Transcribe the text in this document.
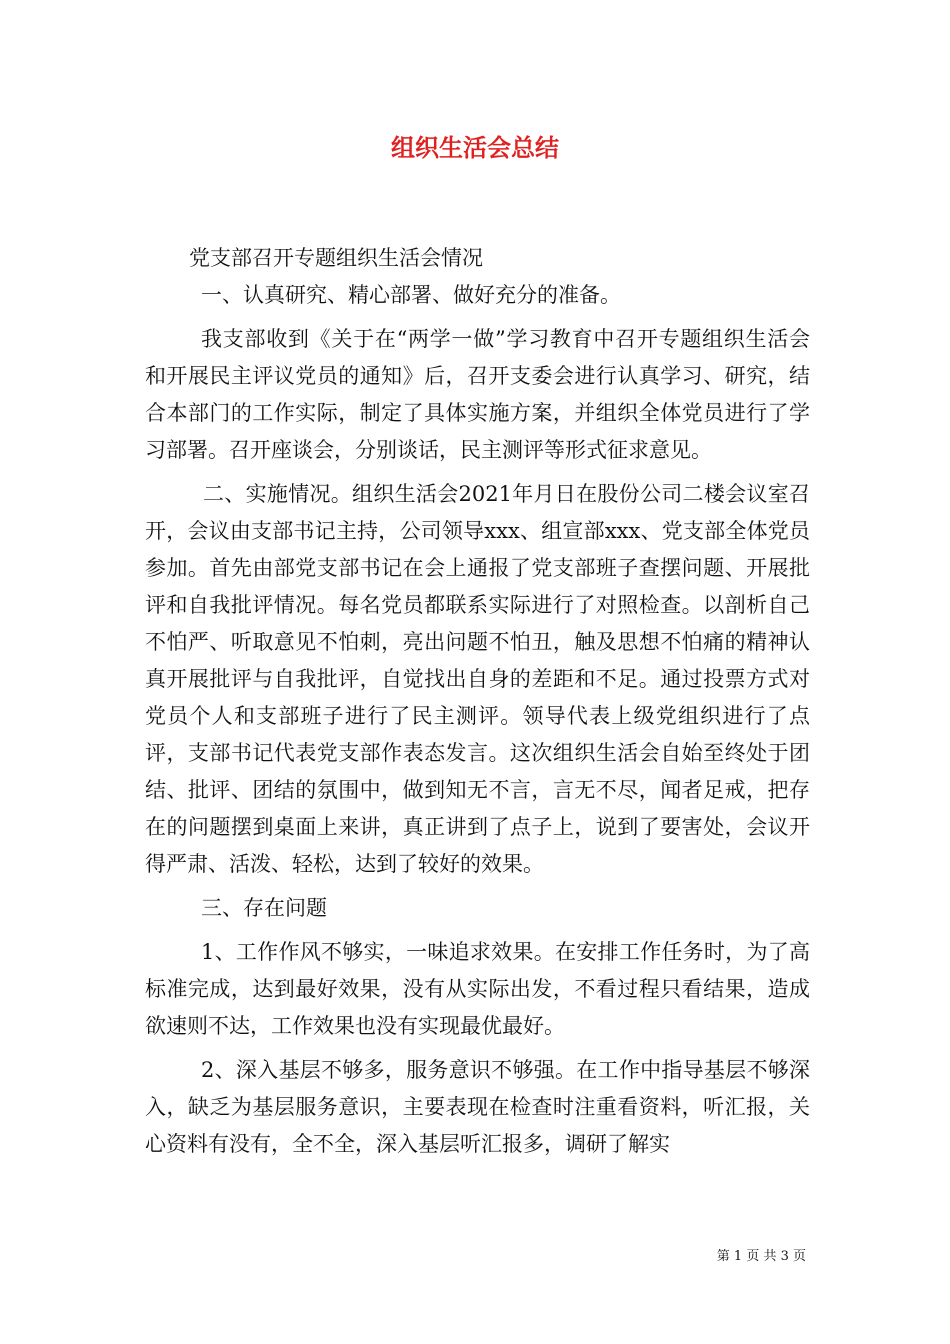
组织生活会总结

党支部召开专题组织生活会情况

一、认真研究、精心部署、做好充分的准备。

我支部收到《关于在“两学一做”学习教育中召开专题组织生活会和开展民主评议党员的通知》后，召开支委会进行认真学习、研究，结合本部门的工作实际，制定了具体实施方案，并组织全体党员进行了学习部署。召开座谈会，分别谈话，民主测评等形式征求意见。

二、实施情况。组织生活会2021年月日在股份公司二楼会议室召开，会议由支部书记主持，公司领导xxx、组宣部xxx、党支部全体党员参加。首先由部党支部书记在会上通报了党支部班子查摆问题、开展批评和自我批评情况。每名党员都联系实际进行了对照检查。以剖析自己不怕严、听取意见不怕刺，亮出问题不怕丑，触及思想不怕痛的精神认真开展批评与自我批评，自觉找出自身的差距和不足。通过投票方式对党员个人和支部班子进行了民主测评。领导代表上级党组织进行了点评，支部书记代表党支部作表态发言。这次组织生活会自始至终处于团结、批评、团结的氛围中，做到知无不言，言无不尽，闻者足戒，把存在的问题摆到桌面上来讲，真正讲到了点子上，说到了要害处，会议开得严肃、活泼、轻松，达到了较好的效果。

三、存在问题

1、工作作风不够实，一味追求效果。在安排工作任务时，为了高标准完成，达到最好效果，没有从实际出发，不看过程只看结果，造成欲速则不达，工作效果也没有实现最优最好。

2、深入基层不够多，服务意识不够强。在工作中指导基层不够深入，缺乏为基层服务意识，主要表现在检查时注重看资料，听汇报，关心资料有没有，全不全，深入基层听汇报多，调研了解实

第 1 页 共 3 页
